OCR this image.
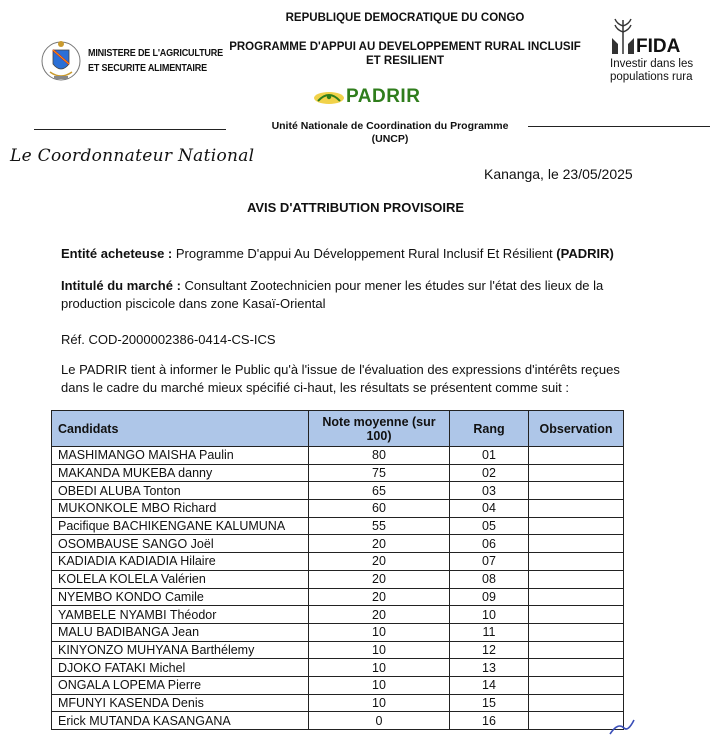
MINISTERE DE L'AGRICULTURE
ET SECURITE ALIMENTAIRE
REPUBLIQUE DEMOCRATIQUE DU CONGO
PROGRAMME D'APPUI AU DEVELOPPEMENT RURAL INCLUSIF
ET RESILIENT
PADRIR
FIDA
Investir dans les
populations rura
Unité Nationale de Coordination du Programme
(UNCP)
Le Coordonnateur National
Kananga, le 23/05/2025
AVIS D'ATTRIBUTION PROVISOIRE
Entité acheteuse : Programme D'appui Au Développement Rural Inclusif Et Résilient (PADRIR)
Intitulé du marché : Consultant Zootechnicien pour mener les études sur l'état des lieux de la production piscicole dans zone Kasaï-Oriental
Réf. COD-2000002386-0414-CS-ICS
Le PADRIR tient à informer le Public qu'à l'issue de l'évaluation des expressions d'intérêts reçues dans le cadre du marché mieux spécifié ci-haut, les résultats se présentent comme suit :
Candidats	Note moyenne (sur 100)	Rang	Observation
MASHIMANGO MAISHA Paulin	80	01	
MAKANDA MUKEBA danny	75	02	
OBEDI ALUBA Tonton	65	03	
MUKONKOLE MBO Richard	60	04	
Pacifique BACHIKENGANE KALUMUNA	55	05	
OSOMBAUSE SANGO Joël	20	06	
KADIADIA KADIADIA Hilaire	20	07	
KOLELA KOLELA Valérien	20	08	
NYEMBO KONDO Camile	20	09	
YAMBELE NYAMBI Théodor	20	10	
MALU BADIBANGA Jean	10	11	
KINYONZO MUHYANA Barthélemy	10	12	
DJOKO FATAKI Michel	10	13	
ONGALA LOPEMA Pierre	10	14	
MFUNYI KASENDA Denis	10	15	
Erick MUTANDA KASANGANA	0	16	
